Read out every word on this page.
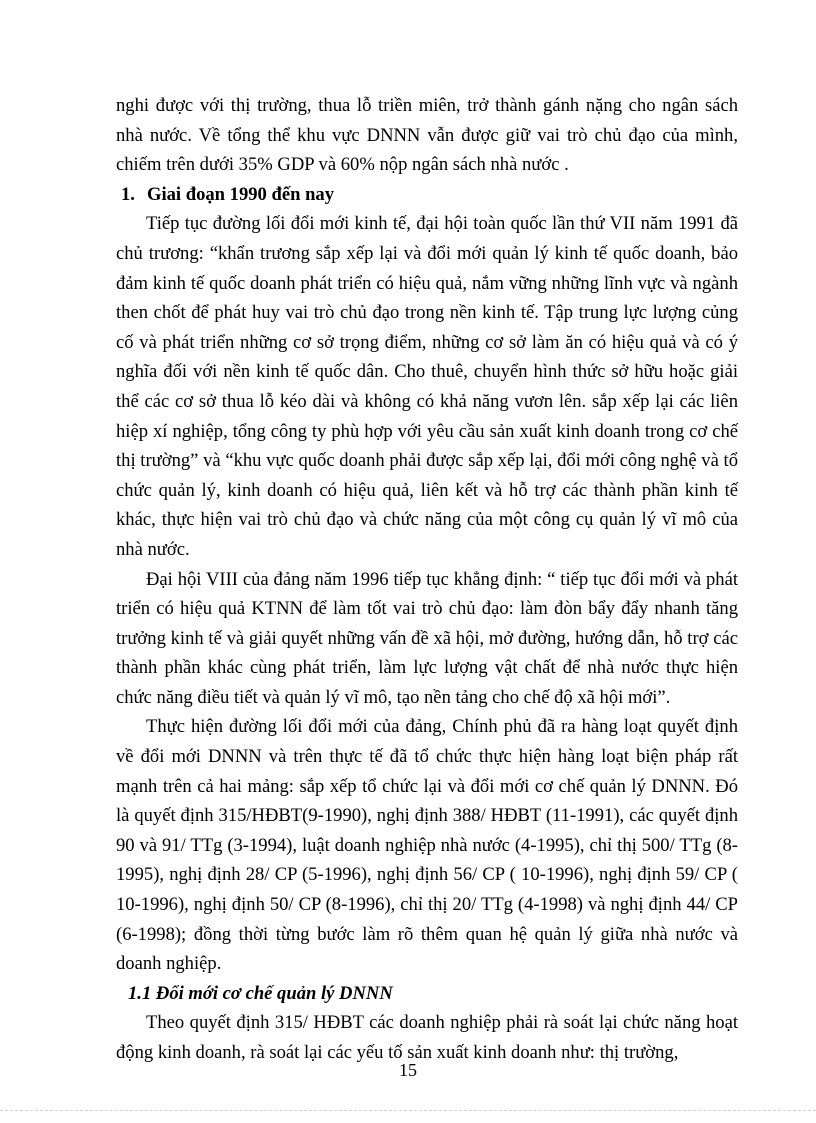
nghi được với thị trường, thua lỗ triền miên, trở thành gánh nặng cho ngân sách nhà nước. Về tổng thể khu vực DNNN vẫn được giữ vai trò chủ đạo của mình, chiếm trên dưới 35% GDP và 60% nộp ngân sách nhà nước .

1. Giai đoạn 1990 đến nay

Tiếp tục đường lối đổi mới kinh tế, đại hội toàn quốc lần thứ VII năm 1991 đã chủ trương: “khẩn trương sắp xếp lại và đổi mới quản lý kinh tế quốc doanh, bảo đảm kinh tế quốc doanh phát triển có hiệu quả, nắm vững những lĩnh vực và ngành then chốt để phát huy vai trò chủ đạo trong nền kinh tế. Tập trung lực lượng củng cố và phát triển những cơ sở trọng điểm, những cơ sở làm ăn có hiệu quả và có ý nghĩa đối với nền kinh tế quốc dân. Cho thuê, chuyển hình thức sở hữu hoặc giải thể các cơ sở thua lỗ kéo dài và không có khả năng vươn lên. sắp xếp lại các liên hiệp xí nghiệp, tổng công ty phù hợp với yêu cầu sản xuất kinh doanh trong cơ chế thị trường” và “khu vực quốc doanh phải được sắp xếp lại, đổi mới công nghệ và tổ chức quản lý, kinh doanh có hiệu quả, liên kết và hỗ trợ các thành phần kinh tế khác, thực hiện vai trò chủ đạo và chức năng của một công cụ quản lý vĩ mô của nhà nước.

Đại hội VIII của đảng năm 1996 tiếp tục khẳng định: “ tiếp tục đổi mới và phát triển có hiệu quả KTNN để làm tốt vai trò chủ đạo: làm đòn bẩy đẩy nhanh tăng trưởng kinh tế và giải quyết những vấn đề xã hội, mở đường, hướng dẫn, hỗ trợ các thành phần khác cùng phát triển, làm lực lượng vật chất để nhà nước thực hiện chức năng điều tiết và quản lý vĩ mô, tạo nền tảng cho chế độ xã hội mới”.

Thực hiện đường lối đổi mới của đảng, Chính phủ đã ra hàng loạt quyết định về đổi mới DNNN và trên thực tế đã tổ chức thực hiện hàng loạt biện pháp rất mạnh trên cả hai mảng: sắp xếp tổ chức lại và đổi mới cơ chế quản lý DNNN. Đó là quyết định 315/HĐBT(9-1990), nghị định 388/ HĐBT (11-1991), các quyết định 90 và 91/ TTg (3-1994), luật doanh nghiệp nhà nước (4-1995), chỉ thị 500/ TTg (8-1995), nghị định 28/ CP (5-1996), nghị định 56/ CP ( 10-1996), nghị định 59/ CP ( 10-1996), nghị định 50/ CP (8-1996), chỉ thị 20/ TTg (4-1998) và nghị định 44/ CP (6-1998); đồng thời từng bước làm rõ thêm quan hệ quản lý giữa nhà nước và doanh nghiệp.

1.1 Đổi mới cơ chế quản lý DNNN

Theo quyết định 315/ HĐBT các doanh nghiệp phải rà soát lại chức năng hoạt động kinh doanh, rà soát lại các yếu tố sản xuất kinh doanh như: thị trường,

15
